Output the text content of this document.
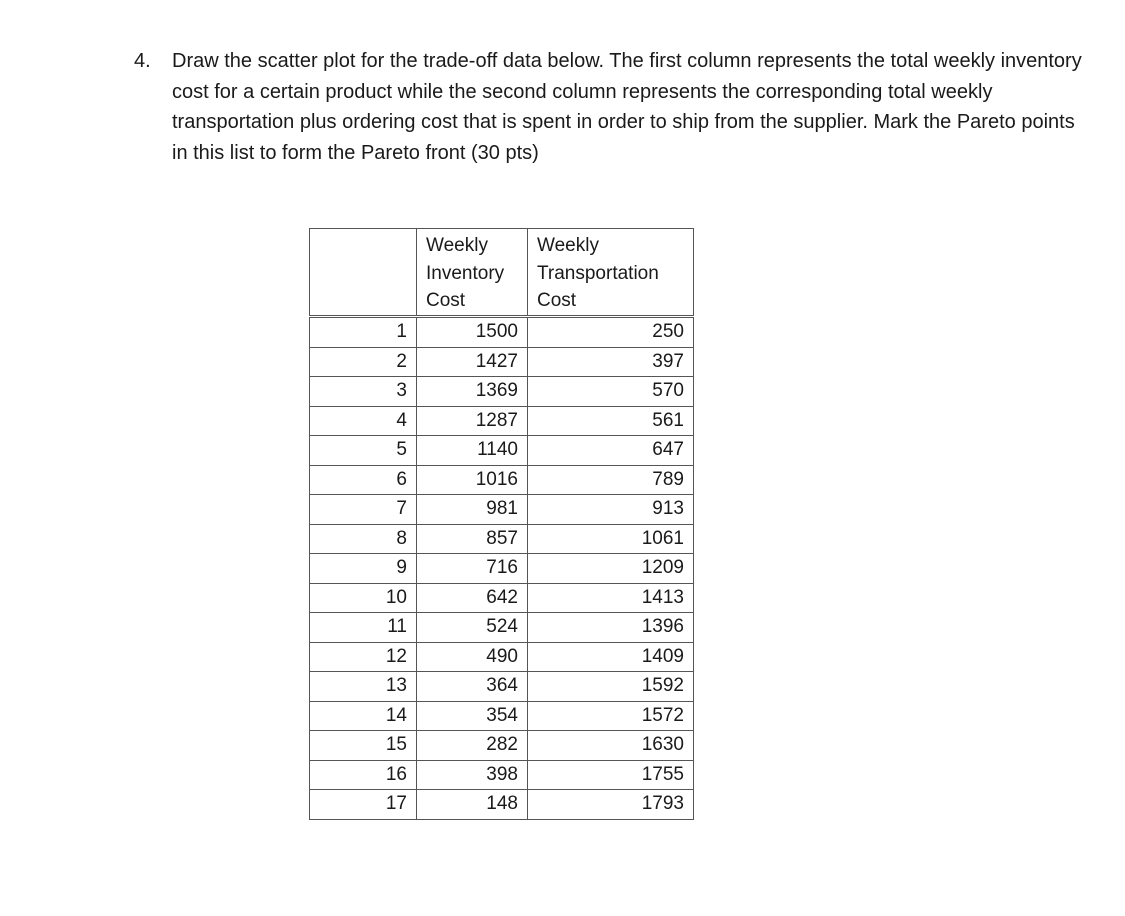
4.	Draw the scatter plot for the trade-off data below. The first column represents the total weekly inventory cost for a certain product while the second column represents the corresponding total weekly transportation plus ordering cost that is spent in order to ship from the supplier. Mark the Pareto points in this list to form the Pareto front (30 pts)
	Weekly
Inventory
Cost	Weekly
Transportation
Cost
1	1500	250
2	1427	397
3	1369	570
4	1287	561
5	1140	647
6	1016	789
7	981	913
8	857	1061
9	716	1209
10	642	1413
11	524	1396
12	490	1409
13	364	1592
14	354	1572
15	282	1630
16	398	1755
17	148	1793
